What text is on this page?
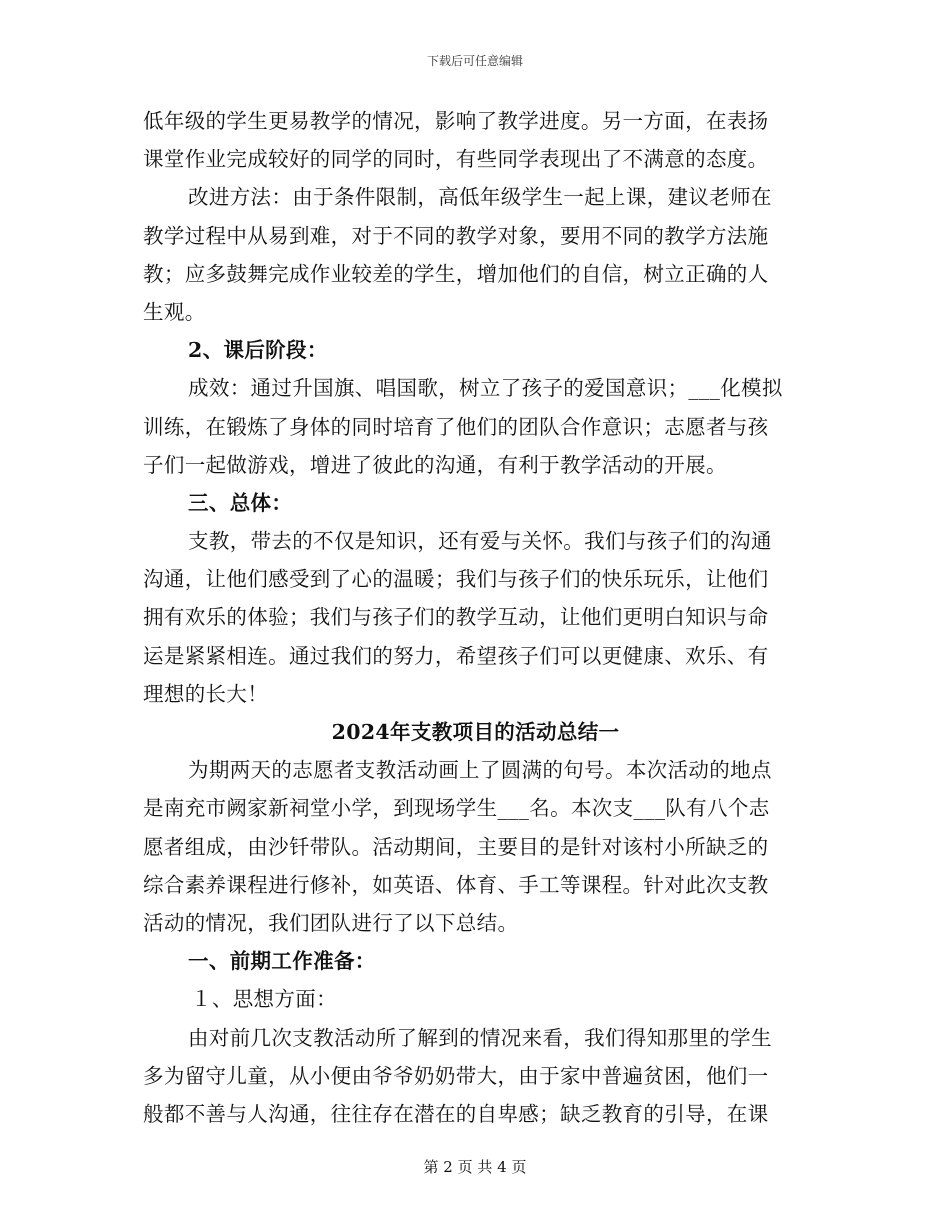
下载后可任意编辑
低年级的学生更易教学的情况，影响了教学进度。另一方面，在表扬
课堂作业完成较好的同学的同时，有些同学表现出了不满意的态度。
改进方法：由于条件限制，高低年级学生一起上课，建议老师在
教学过程中从易到难，对于不同的教学对象，要用不同的教学方法施
教；应多鼓舞完成作业较差的学生，增加他们的自信，树立正确的人
生观。
2、课后阶段：
成效：通过升国旗、唱国歌，树立了孩子的爱国意识；___化模拟
训练，在锻炼了身体的同时培育了他们的团队合作意识；志愿者与孩
子们一起做游戏，增进了彼此的沟通，有利于教学活动的开展。
三、总体：
支教，带去的不仅是知识，还有爱与关怀。我们与孩子们的沟通
沟通，让他们感受到了心的温暖；我们与孩子们的快乐玩乐，让他们
拥有欢乐的体验；我们与孩子们的教学互动，让他们更明白知识与命
运是紧紧相连。通过我们的努力，希望孩子们可以更健康、欢乐、有
理想的长大！
2024年支教项目的活动总结一
为期两天的志愿者支教活动画上了圆满的句号。本次活动的地点
是南充市阙家新祠堂小学，到现场学生___名。本次支___队有八个志
愿者组成，由沙钎带队。活动期间，主要目的是针对该村小所缺乏的
综合素养课程进行修补，如英语、体育、手工等课程。针对此次支教
活动的情况，我们团队进行了以下总结。
一、前期工作准备：
１、思想方面：
由对前几次支教活动所了解到的情况来看，我们得知那里的学生
多为留守儿童，从小便由爷爷奶奶带大，由于家中普遍贫困，他们一
般都不善与人沟通，往往存在潜在的自卑感；缺乏教育的引导，在课
第 2 页 共 4 页
